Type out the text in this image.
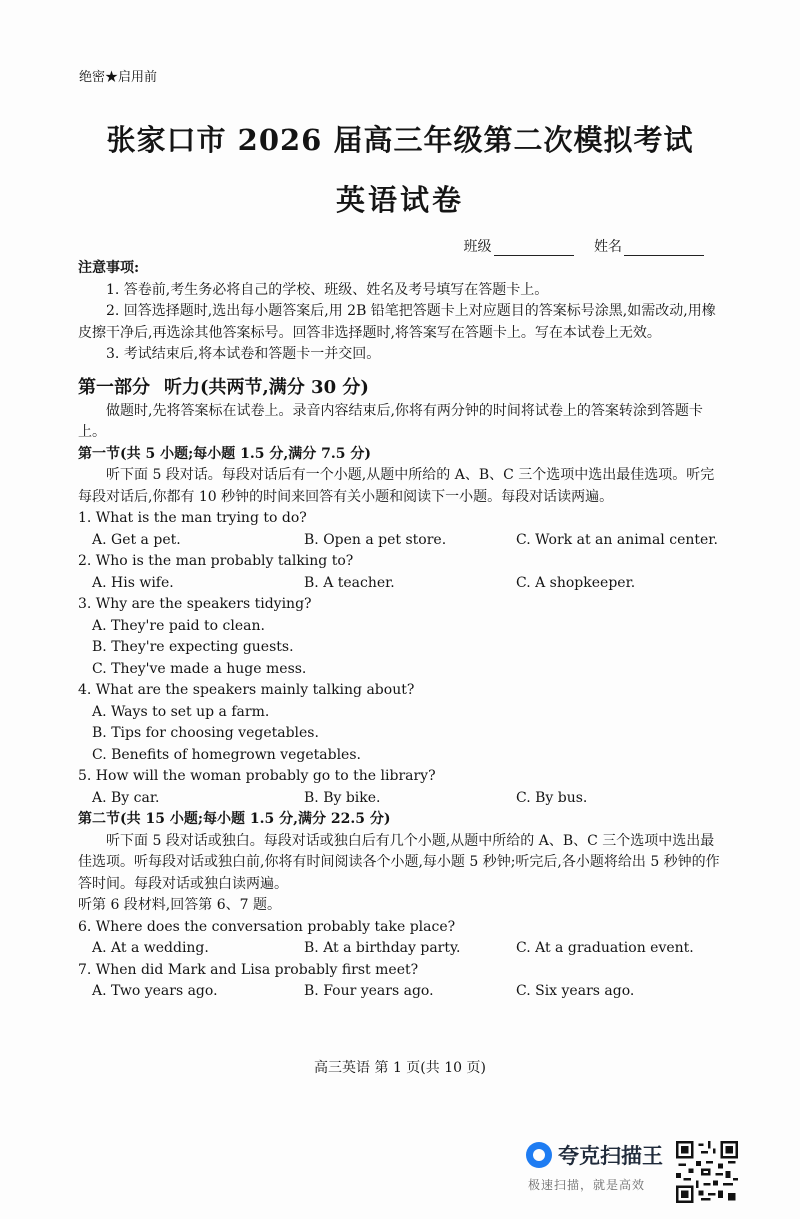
绝密★启用前
张家口市 2026 届高三年级第二次模拟考试
英语试卷
班级	姓名

注意事项:

1. 答卷前,考生务必将自己的学校、班级、姓名及考号填写在答题卡上。

2. 回答选择题时,选出每小题答案后,用 2B 铅笔把答题卡上对应题目的答案标号涂黑,如需改动,用橡皮擦干净后,再选涂其他答案标号。回答非选择题时,将答案写在答题卡上。写在本试卷上无效。

3. 考试结束后,将本试卷和答题卡一并交回。

第一部分 听力(共两节,满分 30 分)

做题时,先将答案标在试卷上。录音内容结束后,你将有两分钟的时间将试卷上的答案转涂到答题卡上。

第一节(共 5 小题;每小题 1.5 分,满分 7.5 分)

听下面 5 段对话。每段对话后有一个小题,从题中所给的 A、B、C 三个选项中选出最佳选项。听完每段对话后,你都有 10 秒钟的时间来回答有关小题和阅读下一小题。每段对话读两遍。

1. What is the man trying to do?

A. Get a pet.	B. Open a pet store.	C. Work at an animal center.

2. Who is the man probably talking to?

A. His wife.	B. A teacher.	C. A shopkeeper.

3. Why are the speakers tidying?

A. They're paid to clean.
B. They're expecting guests.
C. They've made a huge mess.

4. What are the speakers mainly talking about?

A. Ways to set up a farm.
B. Tips for choosing vegetables.
C. Benefits of homegrown vegetables.

5. How will the woman probably go to the library?

A. By car.	B. By bike.	C. By bus.

第二节(共 15 小题;每小题 1.5 分,满分 22.5 分)

听下面 5 段对话或独白。每段对话或独白后有几个小题,从题中所给的 A、B、C 三个选项中选出最佳选项。听每段对话或独白前,你将有时间阅读各个小题,每小题 5 秒钟;听完后,各小题将给出 5 秒钟的作答时间。每段对话或独白读两遍。

听第 6 段材料,回答第 6、7 题。

6. Where does the conversation probably take place?

A. At a wedding.	B. At a birthday party.	C. At a graduation event.

7. When did Mark and Lisa probably first meet?

A. Two years ago.	B. Four years ago.	C. Six years ago.
高三英语 第 1 页(共 10 页)
夸克扫描王
极速扫描，就是高效
